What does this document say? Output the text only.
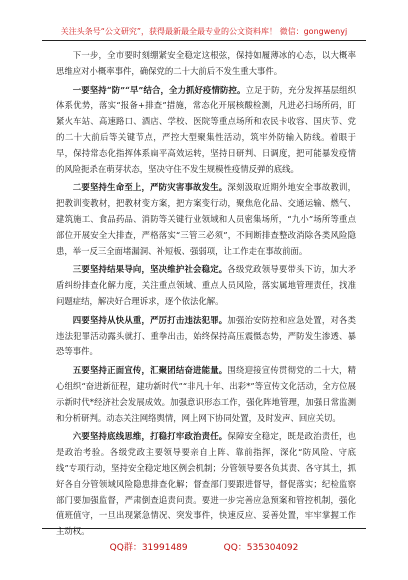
关注头条号“公文研究”，获得最新最全最专业的公文资料库！ 微信：gongwenyj

下一步，全市要时刻绷紧安全稳定这根弦，保持如履薄冰的心态，以大概率思维应对小概率事件，确保党的二十大前后不发生重大事件。

一要坚持“防”“早”结合，全力抓好疫情防控。立足于防，充分发挥基层组织体系优势，落实“报备+排查”措施，常态化开展核酸检测，凡进必扫场所码，盯紧火车站、高速路口、酒店、学校、医院等重点场所和农民卡收容、国庆节、党的二十大前后等关键节点，严控大型聚集性活动，筑牢外防输入防线。着眼于早，保持常态化指挥体系扁平高效运转，坚持日研判、日调度，把可能暴发疫情的风险扼杀在萌芽状态，坚决守住不发生规模性疫情反弹的底线。

二要坚持生命至上，严防灾害事故发生。深刻汲取近期外地安全事故教训，把教训变教材，把教材变方案，把方案变行动，聚焦危化品、交通运输、燃气、建筑施工、食品药品、消防等关键行业领域和人员密集场所，“九小”场所等重点部位开展安全大排查，严格落实“三管三必须”，不间断排查整改消除各类风险隐患，举一反三全面堵漏洞、补短板、强弱项，让工作走在事故前面。

三要坚持结果导向，坚决维护社会稳定。各级党政领导要带头下访，加大矛盾纠纷排查化解力度，关注重点领域、重点人员风险，落实属地管理责任，找准问题症结，解决好合理诉求，逐个依法化解。

四要坚持从快从重，严厉打击违法犯罪。加强治安防控和应急处置，对各类违法犯罪活动露头就打、重拳出击，始终保持高压震慑态势，严防发生渗透、暴恐等事件。

五要坚持正面宣传，汇聚团结奋进能量。围绕迎接宣传贯彻党的二十大，精心组织“奋进新征程，建功新时代”“非凡十年、出彩*”等宣传文化活动，全方位展示新时代*经济社会发展成效。加强意识形态工作，强化阵地管理，加强日常监测和分析研判。动态关注网络舆情，网上网下协同处置，及时发声、回应关切。

六要坚持底线思维，打稳打牢政治责任。保障安全稳定，既是政治责任，也是政治考验。各级党政主要领导要亲自上阵、靠前指挥，深化“防风险、守底线”专项行动，坚持安全稳定地区例会机制；分管领导要各负其责、各守其土，抓好各自分管领域风险隐患排查化解；督查部门要跟进督导，督促落实；纪检监察部门要加强监督，严肃倒查追责问责。要进一步完善应急预案和管控机制，强化值班值守，一旦出现紧急情况、突发事件，快速反应、妥善处置，牢牢掌握工作主动权。

QQ群：31991489	QQ：535304092
